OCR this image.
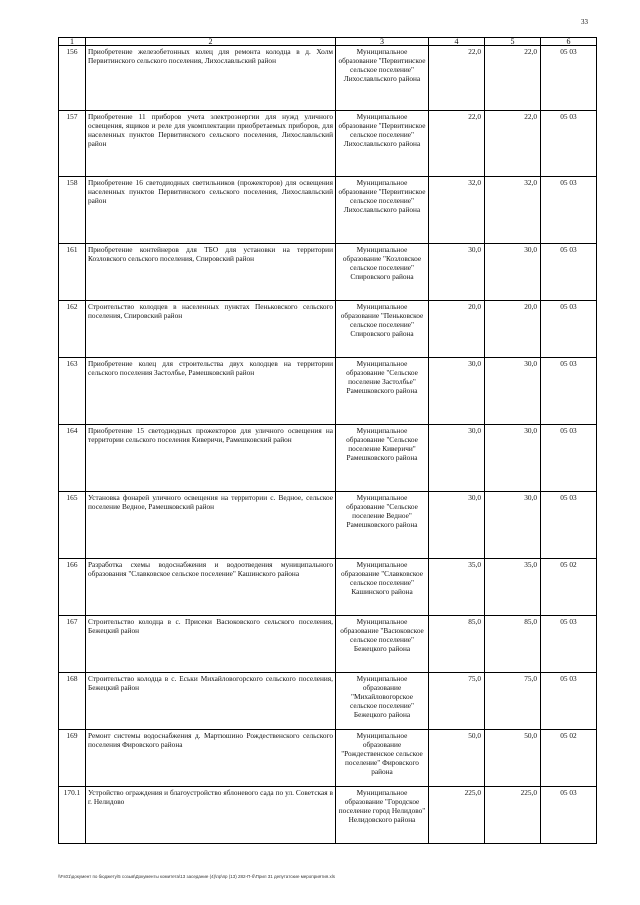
33
1	2	3	4	5	6
156	Приобретение железобетонных колец для ремонта колодца в д. Холм Первитинского сельского поселения, Лихославльский район	Муниципальное образование "Первитинское сельское поселение" Лихославльского района	22,0	22,0	05 03
157	Приобретение 11 приборов учета электроэнергии для нужд уличного освещения, ящиков и реле для укомплектации приобретаемых приборов, для населенных пунктов Первитинского сельского поселения, Лихославльский район	Муниципальное образование "Первитинское сельское поселение" Лихославльского района	22,0	22,0	05 03
158	Приобретение 16 светодиодных светильников (прожекторов) для освещения населенных пунктов Первитинского сельского поселения, Лихославльский район	Муниципальное образование "Первитинское сельское поселение" Лихославльского района	32,0	32,0	05 03
161	Приобретение контейнеров для ТБО для установки на территории Козловского сельского поселения, Спировский район	Муниципальное образование "Козловское сельское поселение" Спировского района	30,0	30,0	05 03
162	Строительство колодцев в населенных пунктах Пеньковского сельского поселения, Спировский район	Муниципальное образование "Пеньковское сельское поселение" Спировского района	20,0	20,0	05 03
163	Приобретение колец для строительства двух колодцев на территории сельского поселения Застолбье, Рамешковский район	Муниципальное образование "Сельское поселение Застолбье" Рамешковского района	30,0	30,0	05 03
164	Приобретение 15 светодиодных прожекторов для уличного освещения на территории сельского поселения Киверичи, Рамешковский район	Муниципальное образование "Сельское поселение Киверичи" Рамешковского района	30,0	30,0	05 03
165	Установка фонарей уличного освещения на территории с. Ведное, сельское поселение Ведное, Рамешковский район	Муниципальное образование "Сельское поселение Ведное" Рамешковского района	30,0	30,0	05 03
166	Разработка схемы водоснабжения и водоотведения муниципального образования "Славковское сельское поселение" Кашинского района	Муниципальное образование "Славковское сельское поселение" Кашинского района	35,0	35,0	05 02
167	Строительство колодца в с. Присеки Васюковского сельского поселения, Бежецкий район	Муниципальное образование "Васюковское сельское поселение" Бежецкого района	85,0	85,0	05 03
168	Строительство колодца в с. Еськи Михайловогорского сельского поселения, Бежецкий район	Муниципальное образование "Михайловогорское сельское поселение" Бежецкого района	75,0	75,0	05 03
169	Ремонт системы водоснабжения д. Мартюшино Рождественского сельского поселения Фировского района	Муниципальное образование "Рождественское сельское поселение" Фировского района	50,0	50,0	05 02
170.1	Устройство ограждения и благоустройство яблоневого сада по ул. Советская в г. Нелидово	Муниципальное образование "Городское поселение город Нелидово" Нелидовского района	225,0	225,0	05 03
\\Fs01\документ по бюджету\5 созыв\Документы комитета\13 заседание (4)\пр\пр (13) 282-П-б\Прил 31 депутатские мероприятия.xls
